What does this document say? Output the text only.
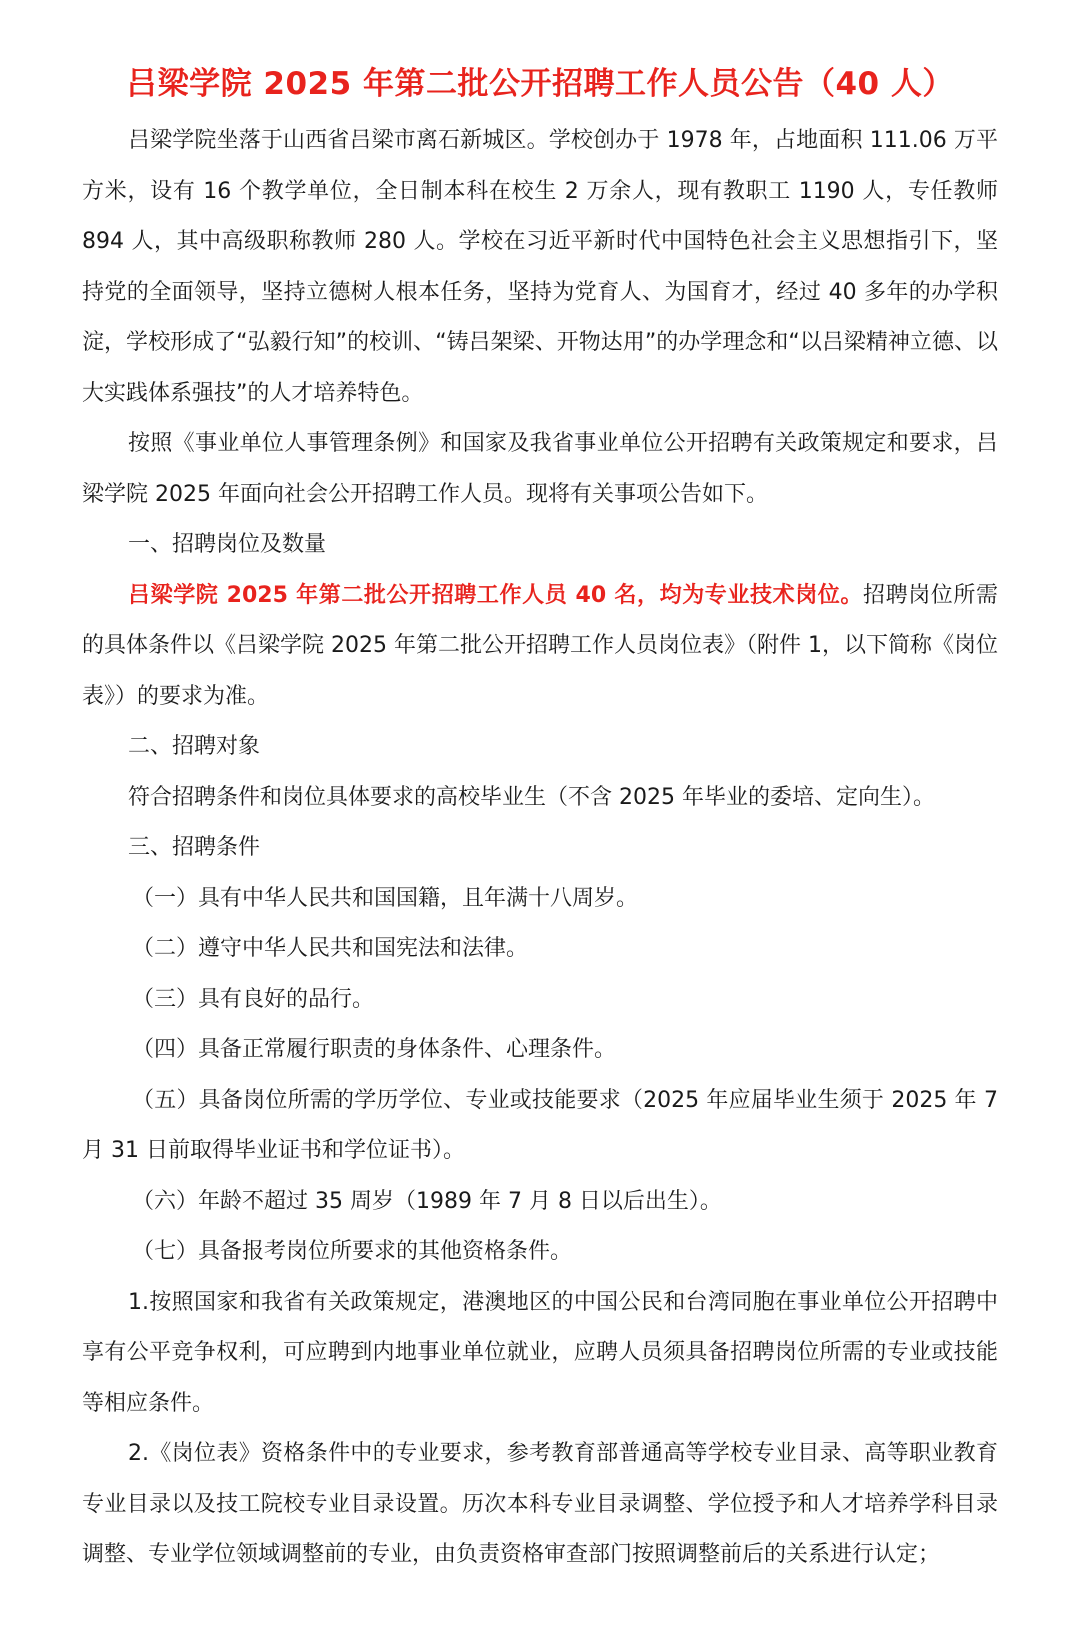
吕梁学院 2025 年第二批公开招聘工作人员公告（40 人）

吕梁学院坐落于山西省吕梁市离石新城区。学校创办于 1978 年，占地面积 111.06 万平方米，设有 16 个教学单位，全日制本科在校生 2 万余人，现有教职工 1190 人，专任教师 894 人，其中高级职称教师 280 人。学校在习近平新时代中国特色社会主义思想指引下，坚持党的全面领导，坚持立德树人根本任务，坚持为党育人、为国育才，经过 40 多年的办学积淀，学校形成了“弘毅行知”的校训、“铸吕架梁、开物达用”的办学理念和“以吕梁精神立德、以大实践体系强技”的人才培养特色。

按照《事业单位人事管理条例》和国家及我省事业单位公开招聘有关政策规定和要求，吕梁学院 2025 年面向社会公开招聘工作人员。现将有关事项公告如下。

一、招聘岗位及数量

吕梁学院 2025 年第二批公开招聘工作人员 40 名，均为专业技术岗位。招聘岗位所需的具体条件以《吕梁学院 2025 年第二批公开招聘工作人员岗位表》（附件 1，以下简称《岗位表》）的要求为准。

二、招聘对象

符合招聘条件和岗位具体要求的高校毕业生（不含 2025 年毕业的委培、定向生）。

三、招聘条件

（一）具有中华人民共和国国籍，且年满十八周岁。

（二）遵守中华人民共和国宪法和法律。

（三）具有良好的品行。

（四）具备正常履行职责的身体条件、心理条件。

（五）具备岗位所需的学历学位、专业或技能要求（2025 年应届毕业生须于 2025 年 7 月 31 日前取得毕业证书和学位证书）。

（六）年龄不超过 35 周岁（1989 年 7 月 8 日以后出生）。

（七）具备报考岗位所要求的其他资格条件。

1.按照国家和我省有关政策规定，港澳地区的中国公民和台湾同胞在事业单位公开招聘中享有公平竞争权利，可应聘到内地事业单位就业，应聘人员须具备招聘岗位所需的专业或技能等相应条件。

2.《岗位表》资格条件中的专业要求，参考教育部普通高等学校专业目录、高等职业教育专业目录以及技工院校专业目录设置。历次本科专业目录调整、学位授予和人才培养学科目录调整、专业学位领域调整前的专业，由负责资格审查部门按照调整前后的关系进行认定；
